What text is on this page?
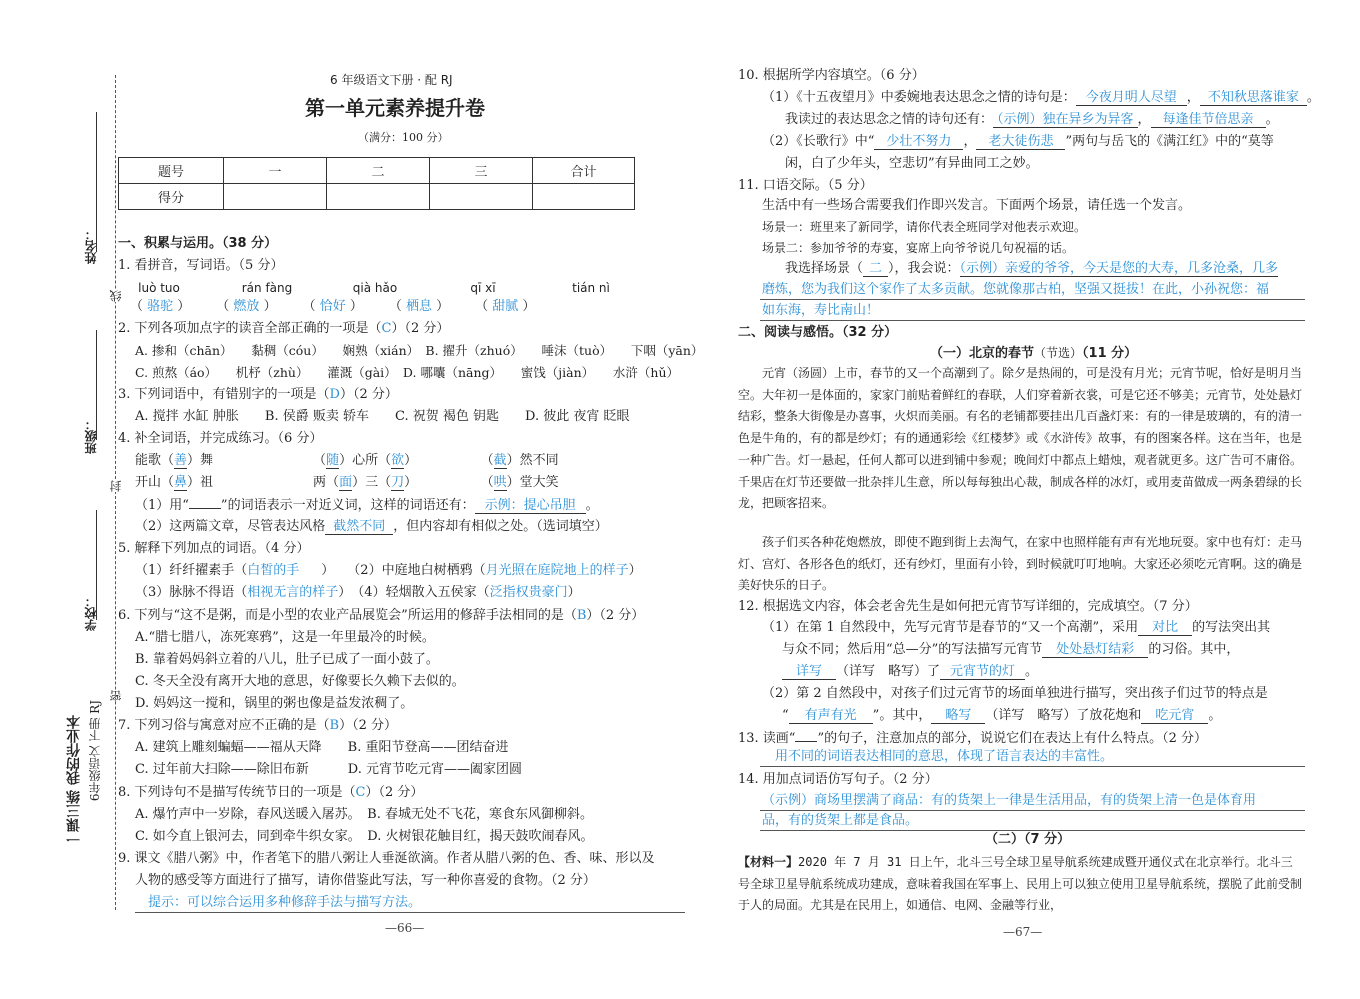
姓名：
班级：
学校：
线
封
密
一课三练 我的作业本 6年级语文 下册 RJ
6 年级语文下册 · 配 RJ
第一单元素养提升卷
（满分：100 分）
题号	一	二	三	合计
得分				
一、积累与运用。（38 分）
1. 看拼音，写词语。（5 分）
luò tuo	rán fàng	qià hǎo	qī xī	tián nì
（ 骆驼 ）　　　（ 燃放 ）　　　（ 恰好 ）　　　（ 栖息 ）　　　（ 甜腻 ）
2. 下列各项加点字的读音全部正确的一项是（C）（2 分）
A. 掺和（chān）　　黏稠（cóu）　　娴熟（xián）　B. 擢升（zhuó）　　唾沫（tuò）　　下咽（yān）
C. 煎熬（áo）　　机杼（zhù）　　灌溉（gài）　D. 哪囔（nāng）　　蜜饯（jiàn）　　水浒（hǔ）
3. 下列词语中，有错别字的一项是（D）（2 分）
A. 搅拌 水缸 肿胀　　B. 侯爵 贩卖 轿车　　C. 祝贺 褐色 钥匙　　D. 彼此 夜宵 眨眼
4. 补全词语，并完成练习。（6 分）
能歌（善）舞	（随）心所（欲）	（截）然不同
开山（鼻）祖	两（面）三（刀）	（哄）堂大笑
（1）用“ ”的词语表示一对近义词，这样的词语还有： 示例：提心吊胆 。
（2）这两篇文章，尽管表达风格 截然不同 ，但内容却有相似之处。（选词填空）
5. 解释下列加点的词语。（4 分）
（1）纤纤擢素手（白皙的手 ）　　（2）中庭地白树栖鸦（月光照在庭院地上的样子）
（3）脉脉不得语（相视无言的样子）　（4）轻烟散入五侯家（泛指权贵豪门）
6. 下列与“这不是粥，而是小型的农业产品展览会”所运用的修辞手法相同的是（B）（2 分）
A.“腊七腊八，冻死寒鸦”，这是一年里最冷的时候。
B. 靠着妈妈斜立着的八儿，肚子已成了一面小鼓了。
C. 冬天全没有离开大地的意思，好像要长久赖下去似的。
D. 妈妈这一搅和，锅里的粥也像是益发浓稠了。
7. 下列习俗与寓意对应不正确的是（B）（2 分）
A. 建筑上雕刻蝙蝠——福从天降　　B. 重阳节登高——团结奋进
C. 过年前大扫除——除旧布新　　　D. 元宵节吃元宵——阖家团圆
8. 下列诗句不是描写传统节日的一项是（C）（2 分）
A. 爆竹声中一岁除，春风送暖入屠苏。　B. 春城无处不飞花，寒食东风御柳斜。
C. 如今直上银河去，同到牵牛织女家。　D. 火树银花触目红，揭天鼓吹闹春风。
9. 课文《腊八粥》中，作者笔下的腊八粥让人垂涎欲滴。作者从腊八粥的色、香、味、形以及
人物的感受等方面进行了描写，请你借鉴此写法，写一种你喜爱的食物。（2 分）
提示：可以综合运用多种修辞手法与描写方法。
—66—
10. 根据所学内容填空。（6 分）
（1）《十五夜望月》中委婉地表达思念之情的诗句是： 今夜月明人尽望 ， 不知秋思落谁家 。
我读过的表达思念之情的诗句还有： （示例）独在异乡为异客 ， 每逢佳节倍思亲 。
（2）《长歌行》中“ 少壮不努力 ， 老大徒伤悲 ”两句与岳飞的《满江红》中的“莫等
闲，白了少年头，空悲切”有异曲同工之妙。
11. 口语交际。（5 分）
生活中有一些场合需要我们作即兴发言。下面两个场景，请任选一个发言。
场景一：班里来了新同学，请你代表全班同学对他表示欢迎。
场景二：参加爷爷的寿宴，宴席上向爷爷说几句祝福的话。
我选择场景（ 二 ），我会说：（示例）亲爱的爷爷，今天是您的大寿，几多沧桑，几多
磨炼，您为我们这个家作了太多贡献。您就像那古柏，坚强又挺拔！在此，小孙祝您：福
如东海，寿比南山！
二、阅读与感悟。（32 分）
（一）北京的春节（节选）（11 分）
元宵（汤圆）上市，春节的又一个高潮到了。除夕是热闹的，可是没有月光；元宵节呢，恰好是明月当空。大年初一是体面的，家家门前贴着鲜红的春联，人们穿着新衣裳，可是它还不够美；元宵节，处处悬灯结彩，整条大街像是办喜事，火炽而美丽。有名的老铺都要挂出几百盏灯来：有的一律是玻璃的，有的清一色是牛角的，有的都是纱灯；有的通通彩绘《红楼梦》或《水浒传》故事，有的图案各样。这在当年，也是一种广告。灯一悬起，任何人都可以进到铺中参观；晚间灯中都点上蜡烛，观者就更多。这广告可不庸俗。千果店在灯节还要做一批杂拌儿生意，所以每每独出心裁，制成各样的冰灯，或用麦苗做成一两条碧绿的长龙，把顾客招来。
孩子们买各种花炮燃放，即使不跑到街上去淘气，在家中也照样能有声有光地玩耍。家中也有灯：走马灯、宫灯、各形各色的纸灯，还有纱灯，里面有小铃，到时候就叮叮地响。大家还必须吃元宵啊。这的确是美好快乐的日子。
12. 根据选文内容，体会老舍先生是如何把元宵节写详细的，完成填空。（7 分）
（1）在第 1 自然段中，先写元宵节是春节的“又一个高潮”，采用 对比 的写法突出其
与众不同；然后用“总—分”的写法描写元宵节 处处悬灯结彩 的习俗。其中，
详写 （详写　略写）了 元宵节的灯 。
（2）第 2 自然段中，对孩子们过元宵节的场面单独进行描写，突出孩子们过节的特点是
“ 有声有光 ”。其中， 略写 （详写　略写）了放花炮和 吃元宵 。
13. 读画“ ”的句子，注意加点的部分，说说它们在表达上有什么特点。（2 分）
用不同的词语表达相同的意思，体现了语言表达的丰富性。
14. 用加点词语仿写句子。（2 分）
（示例）商场里摆满了商品：有的货架上一律是生活用品，有的货架上清一色是体育用
品，有的货架上都是食品。
（二）（7 分）
【材料一】2020 年 7 月 31 日上午，北斗三号全球卫星导航系统建成暨开通仪式在北京举行。北斗三号全球卫星导航系统成功建成，意味着我国在军事上、民用上可以独立使用卫星导航系统，摆脱了此前受制于人的局面。尤其是在民用上，如通信、电网、金融等行业，
—67—
